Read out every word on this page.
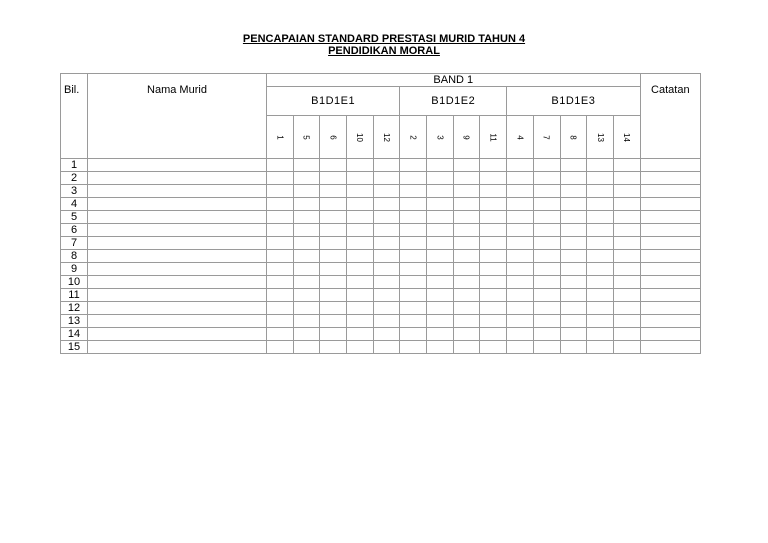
PENCAPAIAN STANDARD PRESTASI MURID TAHUN 4
PENDIDIKAN MORAL
Bil.	Nama Murid	BAND 1														Catatan
		B1D1E1					B1D1E2				B1D1E3					
		1	5	6	10	12	2	3	9	11	4	7	8	13	14	
1																
2																
3																
4																
5																
6																
7																
8																
9																
10																
11																
12																
13																
14																
15																
